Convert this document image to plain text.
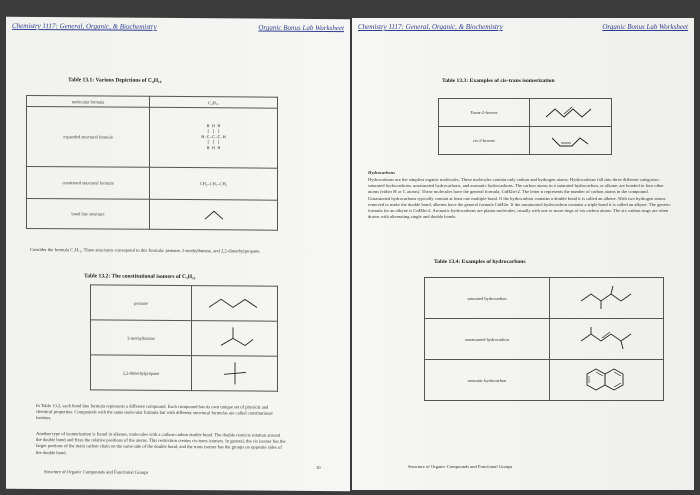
Chemistry 1117: General, Organic, & Biochemistry	Organic Bonus Lab Worksheet
Table 13.1: Various Depictions of C₄H₁₀
molecular formula	C₄H₁₀
expanded structural formula	H H H
| | |
H–C–C–C–H
| | |
H H H

condensed structural formula	CH₃–CH₂–CH₃
bond line structure	
Consider the formula C₅H₁₂. Three structures correspond to this formula: pentane, 2-methylbutane, and 2,2-dimethylpropane.
Table 13.2: The constitutional isomers of C₅H₁₂
pentane	

2-methylbutane	

2,2-dimethylpropane	
In Table 13.2, each bond line formula represents a different compound. Each compound has its own unique set of physical and chemical properties. Compounds with the same molecular formula but with different structural formulas are called constitutional isomers.
Another type of isomerization is found in alkenes, molecules with a carbon-carbon double bond. The double restricts rotation around the double bond and fixes the relative positions of the atoms. This restriction creates cis-trans isomers. In general, the cis isomer has the larger portions of the main carbon chain on the same side of the double bond, and the trans isomer has the groups on opposite sides of the double bond.
Structure of Organic Compounds and Functional Groups
10
Chemistry 1117: General, Organic, & Biochemistry	Organic Bonus Lab Worksheet
Table 13.3: Examples of cis-trans isomerization
Trans-2-hexene	

cis-2-hexene	
Hydrocarbons
Hydrocarbons are the simplest organic molecules. These molecules contain only carbon and hydrogen atoms. Hydrocarbons fall into three different categories: saturated hydrocarbons, unsaturated hydrocarbons, and aromatic hydrocarbons. The carbon atoms in a saturated hydrocarbon, or alkane, are bonded to four other atoms (either H or C atoms). These molecules have the general formula, CnH2n+2. The letter n represents the number of carbon atoms in the compound. Unsaturated hydrocarbons typically contain at least one multiple bond. If the hydrocarbon contains a double bond it is called an alkene. With two hydrogen atoms removed to make the double bond, alkenes have the general formula CnH2n. If the unsaturated hydrocarbon contains a triple bond it is called an alkyne. The generic formula for an alkyne is CnH2n-2. Aromatic hydrocarbons are planar molecules, usually with one or more rings of six carbon atoms. The six carbon rings are often drawn with alternating single and double bonds.
Table 13.4: Examples of hydrocarbons
saturated hydrocarbon	

unsaturated hydrocarbon	

aromatic hydrocarbon	
Structure of Organic Compounds and Functional Groups
